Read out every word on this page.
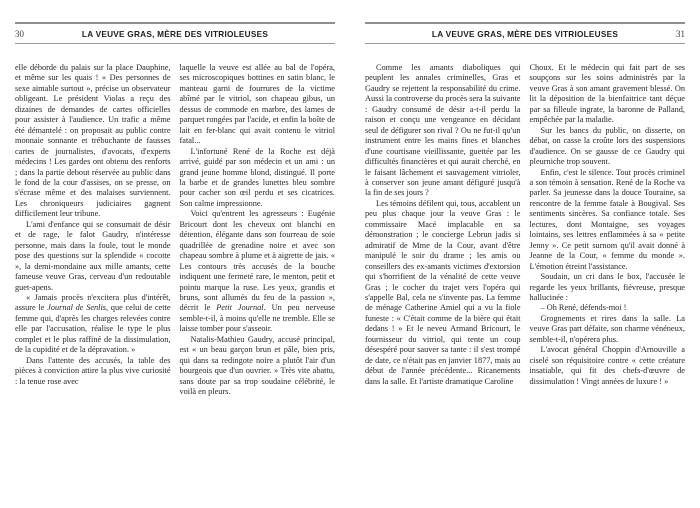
30	LA VEUVE GRAS, MÈRE DES VITRIOLEUSES

elle déborde du palais sur la place Dauphine, et même sur les quais ! « Des personnes de sexe aimable surtout », précise un observateur obligeant. Le président Violas a reçu des dizaines de demandes de cartes officielles pour assister à l'audience. Un trafic a même été démantelé : on proposait au public contre monnaie sonnante et trébuchante de fausses cartes de journalistes, d'avocats, d'experts médecins ! Les gardes ont obtenu des renforts ; dans la partie debout réservée au public dans le fond de la cour d'assises, on se presse, on s'écrase même et des malaises surviennent. Les chroniqueurs judiciaires gagnent difficilement leur tribune.

L'ami d'enfance qui se consumait de désir et de rage, le falot Gaudry, n'intéresse personne, mais dans la foule, tout le monde pose des questions sur la splendide « cocotte », la demi-mondaine aux mille amants, cette fameuse veuve Gras, cerveau d'un redoutable guet-apens.

« Jamais procès n'excitera plus d'intérêt, assure le Journal de Senlis, que celui de cette femme qui, d'après les charges relevées contre elle par l'accusation, réalise le type le plus complet et le plus raffiné de la dissimulation, de la cupidité et de la dépravation. »

Dans l'attente des accusés, la table des pièces à conviction attire la plus vive curiosité : la tenue rose avec

laquelle la veuve est allée au bal de l'opéra, ses microscopiques bottines en satin blanc, le manteau garni de fourrures de la victime abîmé par le vitriol, son chapeau gibus, un dessus de commode en marbre, des lames de parquet rongées par l'acide, et enfin la boîte de lait en fer-blanc qui avait contenu le vitriol fatal...

L'infortuné René de la Roche est déjà arrivé, guidé par son médecin et un ami : un grand jeune homme blond, distingué. Il porte la barbe et de grandes lunettes bleu sombre pour cacher son œil perdu et ses cicatrices. Son calme impressionne.

Voici qu'entrent les agresseurs : Eugénie Bricourt dont les cheveux ont blanchi en détention, élégante dans son fourreau de soie quadrillée de grenadine noire et avec son chapeau sombre à plume et à aigrette de jais. « Les contours très accusés de la bouche indiquent une fermeté rare, le menton, petit et pointu marque la ruse. Les yeux, grandis et bruns, sont allumés du feu de la passion », décrit le Petit Journal. Un peu nerveuse semble-t-il, à moins qu'elle ne tremble. Elle se laisse tomber pour s'asseoir.

Natalis-Mathieu Gaudry, accusé principal, est « un beau garçon brun et pâle, bien pris, qui dans sa redingote noire a plutôt l'air d'un bourgeois que d'un ouvrier. » Très vite abattu, sans doute par sa trop soudaine célébrité, le voilà en pleurs.

LA VEUVE GRAS, MÈRE DES VITRIOLEUSES	31

Comme les amants diaboliques qui peuplent les annales criminelles, Gras et Gaudry se rejettent la responsabilité du crime. Aussi la controverse du procès sera la suivante : Gaudry consumé de désir a-t-il perdu la raison et conçu une vengeance en décidant seul de défigurer son rival ? Ou ne fut-il qu'un instrument entre les mains fines et blanches d'une courtisane vieillissante, guettée par les difficultés financières et qui aurait cherché, en le faisant lâchement et sauvagement vitrioler, à conserver son jeune amant défiguré jusqu'à la fin de ses jours ?

Les témoins défilent qui, tous, accablent un peu plus chaque jour la veuve Gras : le commissaire Macé implacable en sa démonstration ; le concierge Lebrun jadis si admiratif de Mme de la Cour, avant d'être manipulé le soir du drame ; les amis ou conseillers des ex-amants victimes d'extorsion qui s'horrifient de la vénalité de cette veuve Gras ; le cocher du trajet vers l'opéra qui s'appelle Bal, cela ne s'invente pas. La femme de ménage Catherine Amiel qui a vu la fiole funeste : « C'était comme de la bière qui était dedans ! » Et le neveu Armand Bricourt, le fournisseur du vitriol, qui tente un coup désespéré pour sauver sa tante : il s'est trompé de date, ce n'était pas en janvier 1877, mais au début de l'année précédente... Ricanements dans la salle. Et l'artiste dramatique Caroline

Choux. Et le médecin qui fait part de ses soupçons sur les soins administrés par la veuve Gras à son amant gravement blessé. On lit la déposition de la bienfaitrice tant déçue par sa filleule ingrate, la baronne de Palland, empêchée par la maladie.

Sur les bancs du public, on disserte, on débat, on casse la croûte lors des suspensions d'audience. On se gausse de ce Gaudry qui pleurniche trop souvent.

Enfin, c'est le silence. Tout procès criminel a son témoin à sensation. René de la Roche va parler. Sa jeunesse dans la douce Touraine, sa rencontre de la femme fatale à Bougival. Ses sentiments sincères. Sa confiance totale. Ses lectures, dont Montaigne, ses voyages lointains, ses lettres enflammées à sa « petite Jenny ». Ce petit surnom qu'il avait donné à Jeanne de la Cour, « femme du monde ». L'émotion étreint l'assistance.

Soudain, un cri dans le box, l'accusée le regarde les yeux brillants, fiévreuse, presque hallucinée :

– Oh René, défends-moi !

Grognements et rires dans la salle. La veuve Gras part défaite, son charme vénéneux, semble-t-il, n'opérera plus.

L'avocat général Choppin d'Arnouville a ciselé son réquisitoire contre « cette créature insatiable, qui fit des chefs-d'œuvre de dissimulation ! Vingt années de luxure ! »
